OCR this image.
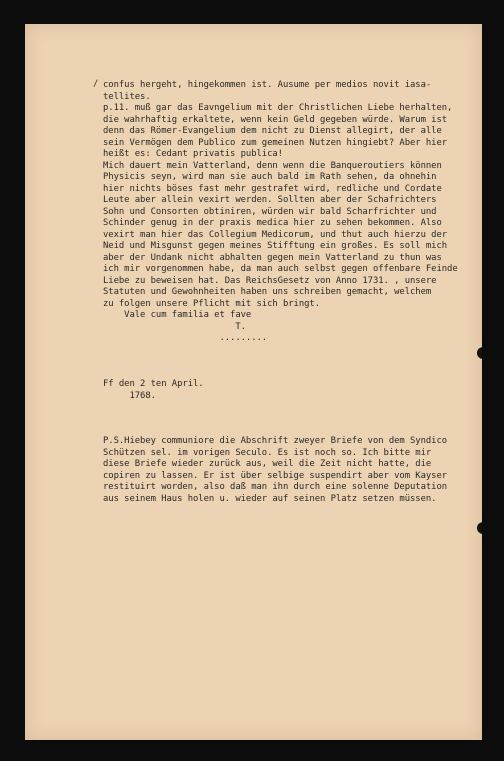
/ confus hergeht, hingekommen ist. Ausume per medios novit iasa-
tellites.
p.11. muß gar das Eavngelium mit der Christlichen Liebe herhalten,
die wahrhaftig erkaltete, wenn kein Geld gegeben würde. Warum ist
denn das Römer-Evangelium dem nicht zu Dienst allegirt, der alle
sein Vermögen dem Publico zum gemeinen Nutzen hingiebt? Aber hier
heißt es: Cedant privatis publica!
Mich dauert mein Vatterland, denn wenn die Banqueroutiers können
Physicis seyn, wird man sie auch bald im Rath sehen, da ohnehin
hier nichts böses fast mehr gestrafet wird, redliche und Cordate
Leute aber allein vexirt werden. Sollten aber der Schafrichters
Sohn und Consorten obtiniren, würden wir bald Scharfrichter und
Schinder genug in der praxis medica hier zu sehen bekommen. Also
vexirt man hier das Collegium Medicorum, und thut auch hierzu der
Neid und Misgunst gegen meines Stifftung ein großes. Es soll mich
aber der Undank nicht abhalten gegen mein Vatterland zu thun was
ich mir vorgenommen habe, da man auch selbst gegen offenbare Feinde
Liebe zu beweisen hat. Das ReichsGesetz von Anno 1731. , unsere
Statuten und Gewohnheiten haben uns schreiben gemacht, welchem
zu folgen unsere Pflicht mit sich bringt.
Vale cum familia et fave
T.
.........
Ff den 2 ten April.
1768.
P.S.Hiebey communiore die Abschrift zweyer Briefe von dem Syndico
Schützen sel. im vorigen Seculo. Es ist noch so. Ich bitte mir
diese Briefe wieder zurück aus, weil die Zeit nicht hatte, die
copiren zu lassen. Er ist über selbige suspendirt aber vom Kayser
restituirt worden, also daß man ihn durch eine solenne Deputation
aus seinem Haus holen u. wieder auf seinen Platz setzen müssen.
